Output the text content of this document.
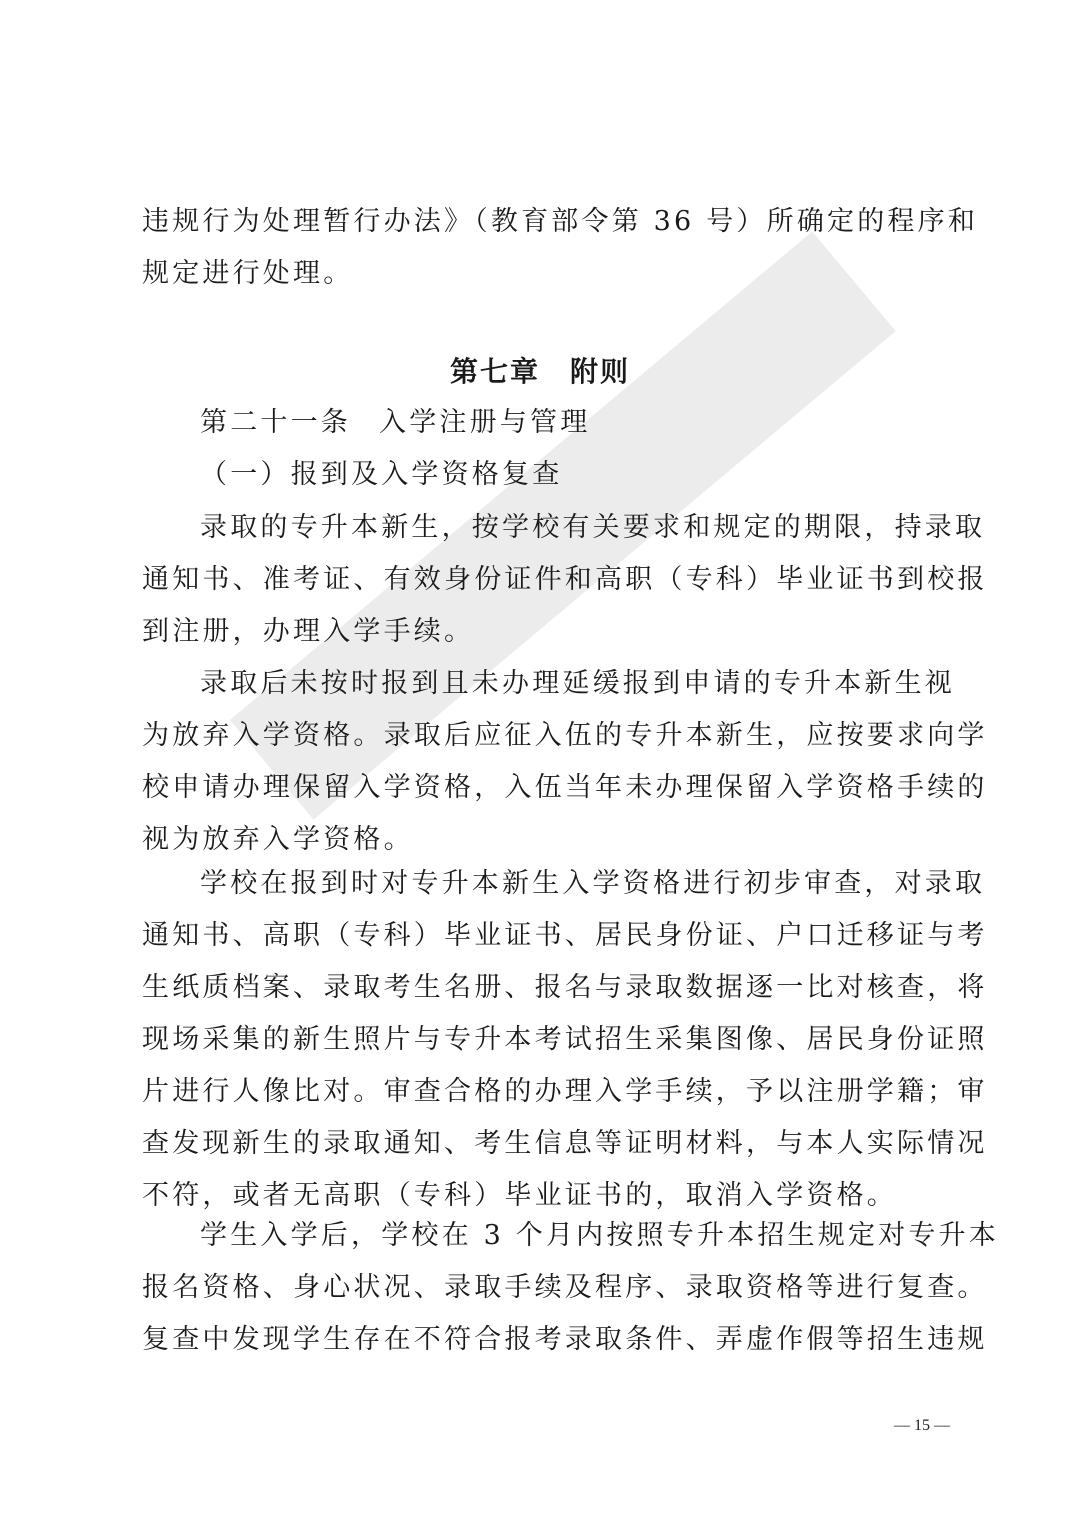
违规行为处理暂行办法》（教育部令第 36 号）所确定的程序和
规定进行处理。
第七章 附则
第二十一条 入学注册与管理
（一）报到及入学资格复查
录取的专升本新生，按学校有关要求和规定的期限，持录取
通知书、准考证、有效身份证件和高职（专科）毕业证书到校报
到注册，办理入学手续。
录取后未按时报到且未办理延缓报到申请的专升本新生视
为放弃入学资格。录取后应征入伍的专升本新生，应按要求向学
校申请办理保留入学资格，入伍当年未办理保留入学资格手续的
视为放弃入学资格。
学校在报到时对专升本新生入学资格进行初步审查，对录取
通知书、高职（专科）毕业证书、居民身份证、户口迁移证与考
生纸质档案、录取考生名册、报名与录取数据逐一比对核查，将
现场采集的新生照片与专升本考试招生采集图像、居民身份证照
片进行人像比对。审查合格的办理入学手续，予以注册学籍；审
查发现新生的录取通知、考生信息等证明材料，与本人实际情况
不符，或者无高职（专科）毕业证书的，取消入学资格。
学生入学后，学校在 3 个月内按照专升本招生规定对专升本
报名资格、身心状况、录取手续及程序、录取资格等进行复查。
复查中发现学生存在不符合报考录取条件、弄虚作假等招生违规
— 15 —
